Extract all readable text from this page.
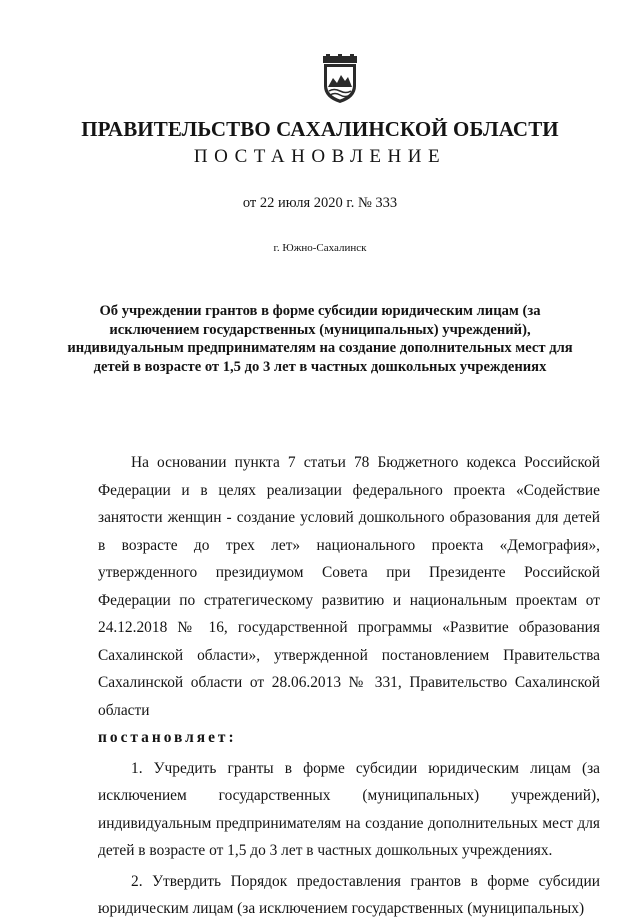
ПРАВИТЕЛЬСТВО САХАЛИНСКОЙ ОБЛАСТИ
ПОСТАНОВЛЕНИЕ
от 22 июля 2020 г. № 333
г. Южно-Сахалинск
Об учреждении грантов в форме субсидии юридическим лицам (за исключением государственных (муниципальных) учреждений), индивидуальным предпринимателям на создание дополнительных мест для детей в возрасте от 1,5 до 3 лет в частных дошкольных учреждениях

На основании пункта 7 статьи 78 Бюджетного кодекса Российской Федерации и в целях реализации федерального проекта «Содействие занятости женщин - создание условий дошкольного образования для детей в возрасте до трех лет» национального проекта «Демография», утвержденного президиумом Совета при Президенте Российской Федерации по стратегическому развитию и национальным проектам от 24.12.2018 № 16, государственной программы «Развитие образования Сахалинской области», утвержденной постановлением Правительства Сахалинской области от 28.06.2013 № 331, Правительство Сахалинской области
постановляет:

1. Учредить гранты в форме субсидии юридическим лицам (за исключением государственных (муниципальных) учреждений), индивидуальным предпринимателям на создание дополнительных мест для детей в возрасте от 1,5 до 3 лет в частных дошкольных учреждениях.

2. Утвердить Порядок предоставления грантов в форме субсидии юридическим лицам (за исключением государственных (муниципальных)
